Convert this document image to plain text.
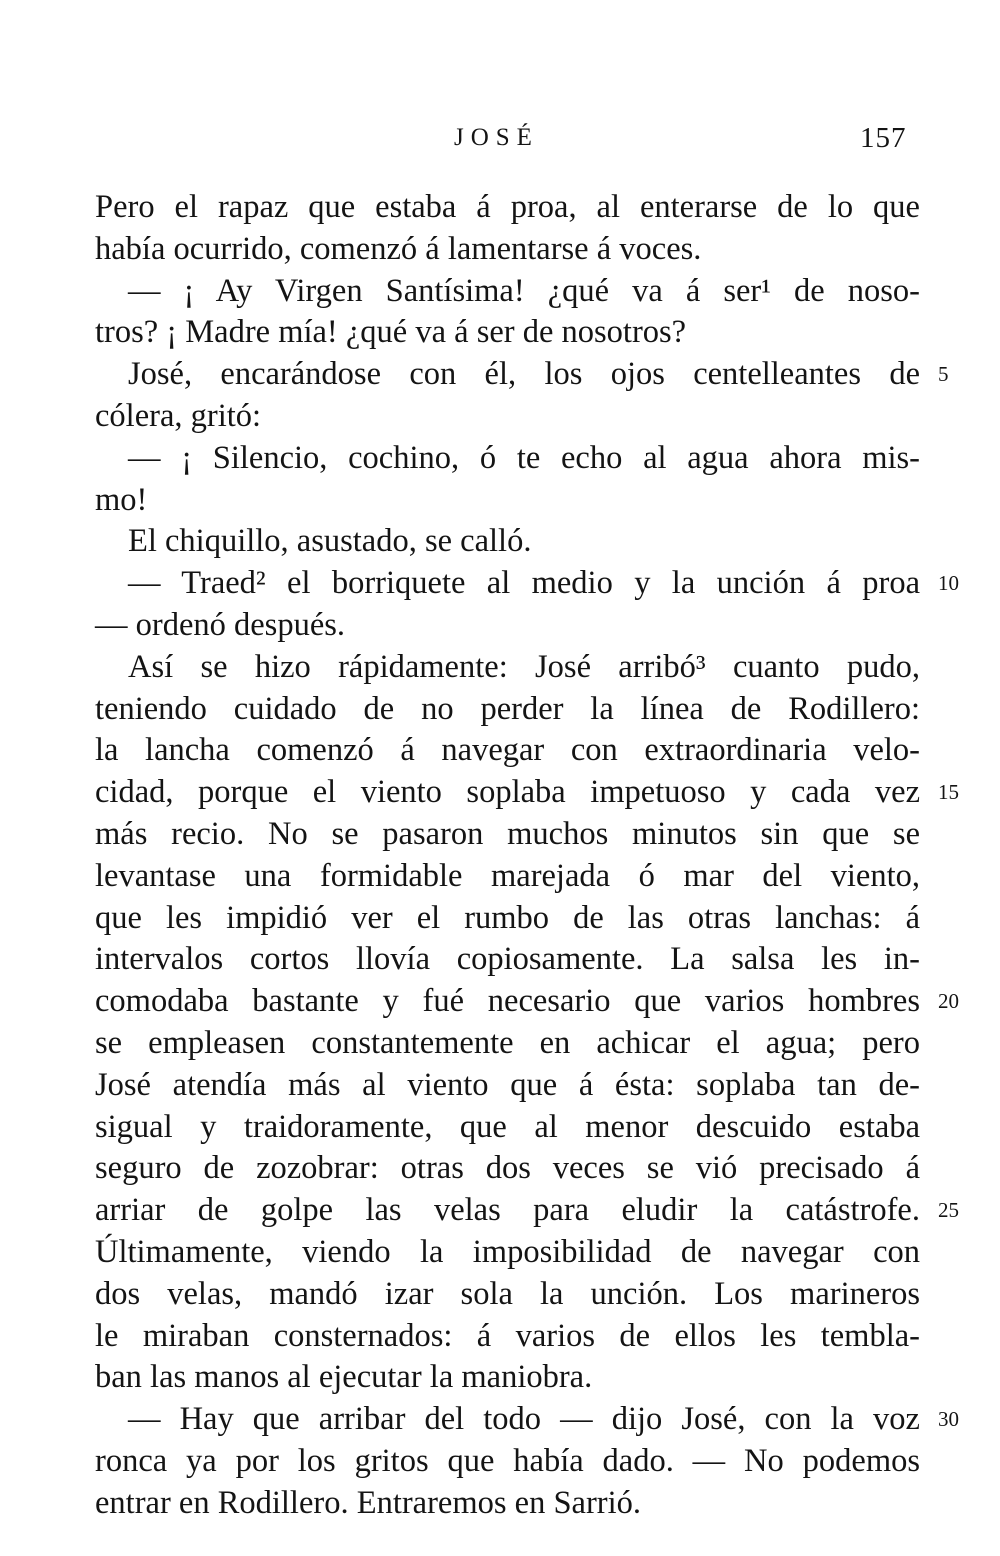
JOSÉ	157
Pero el rapaz que estaba á proa, al enterarse de lo que
había ocurrido, comenzó á lamentarse á voces.
— ¡ Ay Virgen Santísima! ¿qué va á ser¹ de noso-
tros? ¡ Madre mía! ¿qué va á ser de nosotros?
José, encarándose con él, los ojos centelleantes de
cólera, gritó:
— ¡ Silencio, cochino, ó te echo al agua ahora mis-
mo!
El chiquillo, asustado, se calló.
— Traed² el borriquete al medio y la unción á proa
— ordenó después.
Así se hizo rápidamente: José arribó³ cuanto pudo,
teniendo cuidado de no perder la línea de Rodillero:
la lancha comenzó á navegar con extraordinaria velo-
cidad, porque el viento soplaba impetuoso y cada vez
más recio. No se pasaron muchos minutos sin que se
levantase una formidable marejada ó mar del viento,
que les impidió ver el rumbo de las otras lanchas: á
intervalos cortos llovía copiosamente. La salsa les in-
comodaba bastante y fué necesario que varios hombres
se empleasen constantemente en achicar el agua; pero
José atendía más al viento que á ésta: soplaba tan de-
sigual y traidoramente, que al menor descuido estaba
seguro de zozobrar: otras dos veces se vió precisado á
arriar de golpe las velas para eludir la catástrofe.
Últimamente, viendo la imposibilidad de navegar con
dos velas, mandó izar sola la unción. Los marineros
le miraban consternados: á varios de ellos les tembla-
ban las manos al ejecutar la maniobra.
— Hay que arribar del todo — dijo José, con la voz
ronca ya por los gritos que había dado. — No podemos
entrar en Rodillero. Entraremos en Sarrió.
5
10
15
20
25
30
